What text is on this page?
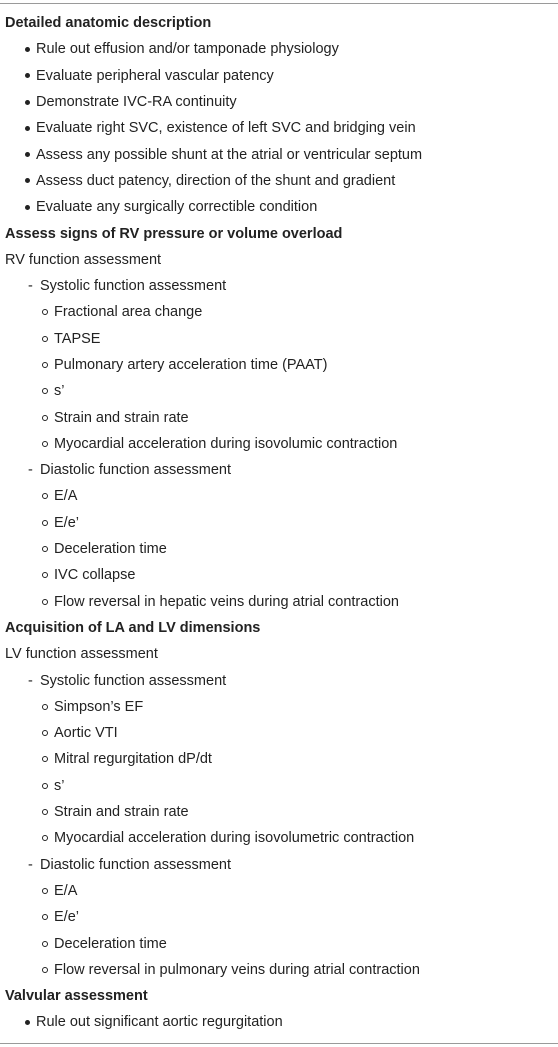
Detailed anatomic description
Rule out effusion and/or tamponade physiology
Evaluate peripheral vascular patency
Demonstrate IVC-RA continuity
Evaluate right SVC, existence of left SVC and bridging vein
Assess any possible shunt at the atrial or ventricular septum
Assess duct patency, direction of the shunt and gradient
Evaluate any surgically correctible condition
Assess signs of RV pressure or volume overload
RV function assessment
- Systolic function assessment
Fractional area change
TAPSE
Pulmonary artery acceleration time (PAAT)
s’
Strain and strain rate
Myocardial acceleration during isovolumic contraction
- Diastolic function assessment
E/A
E/e’
Deceleration time
IVC collapse
Flow reversal in hepatic veins during atrial contraction
Acquisition of LA and LV dimensions
LV function assessment
- Systolic function assessment
Simpson’s EF
Aortic VTI
Mitral regurgitation dP/dt
s’
Strain and strain rate
Myocardial acceleration during isovolumetric contraction
- Diastolic function assessment
E/A
E/e’
Deceleration time
Flow reversal in pulmonary veins during atrial contraction
Valvular assessment
Rule out significant aortic regurgitation
